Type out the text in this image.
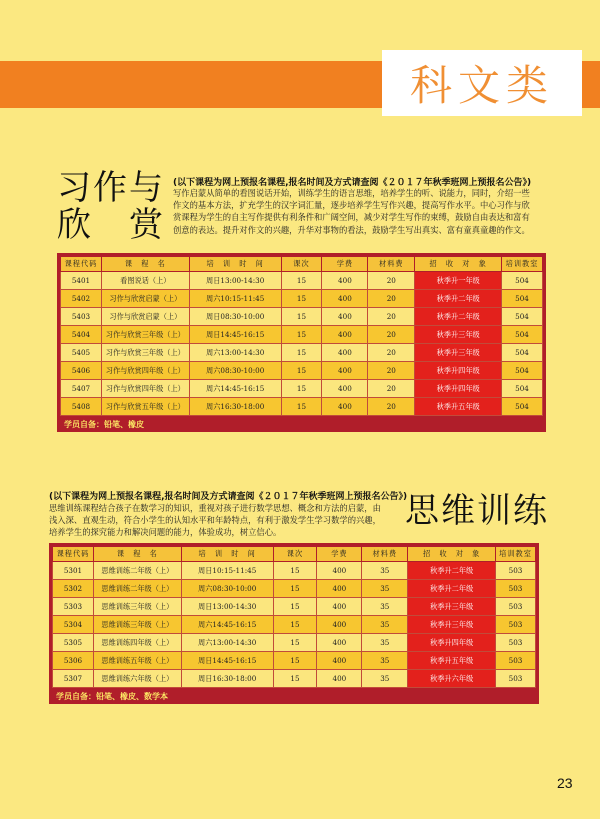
科文类
习作与
欣　赏
(以下课程为网上预报名课程,报名时间及方式请查阅《２０１７年秋季班网上预报名公告》)
写作启蒙从简单的看图说话开始，训练学生的语言思维，培养学生的听、说能力，同时，介绍一些
作文的基本方法，扩充学生的汉字词汇量，逐步培养学生写作兴趣，提高写作水平。中心习作与欣
赏课程为学生的自主写作提供有利条件和广阔空间，减少对学生写作的束缚，鼓励自由表达和富有
创意的表达。提升对作文的兴趣，升华对事物的看法，鼓励学生写出真实、富有童真童趣的作文。
课程代码	课　程　名	培　训　时　间	课次	学费	材料费	招　收　对　象	培训教室
5401	看图说话（上）	周日13:00-14:30	15	400	20	秋季升一年级	504
5402	习作与欣赏启蒙（上）	周六10:15-11:45	15	400	20	秋季升二年级	504
5403	习作与欣赏启蒙（上）	周日08:30-10:00	15	400	20	秋季升二年级	504
5404	习作与欣赏三年级（上）	周日14:45-16:15	15	400	20	秋季升三年级	504
5405	习作与欣赏三年级（上）	周六13:00-14:30	15	400	20	秋季升三年级	504
5406	习作与欣赏四年级（上）	周六08:30-10:00	15	400	20	秋季升四年级	504
5407	习作与欣赏四年级（上）	周六14:45-16:15	15	400	20	秋季升四年级	504
5408	习作与欣赏五年级（上）	周六16:30-18:00	15	400	20	秋季升五年级	504
学员自备：铅笔、橡皮
(以下课程为网上预报名课程,报名时间及方式请查阅《２０１７年秋季班网上预报名公告》)
思维训练课程结合孩子在数学习的知识，重视对孩子进行数学思想、概念和方法的启蒙，由
浅入深、直观生动，符合小学生的认知水平和年龄特点，有利于激发学生学习数学的兴趣，
培养学生的探究能力和解决问题的能力，体验成功，树立信心。
思维训练
课程代码	课　程　名	培　训　时　间	课次	学费	材料费	招　收　对　象	培训教室
5301	思维训练二年级（上）	周日10:15-11:45	15	400	35	秋季升二年级	503
5302	思维训练二年级（上）	周六08:30-10:00	15	400	35	秋季升二年级	503
5303	思维训练三年级（上）	周日13:00-14:30	15	400	35	秋季升三年级	503
5304	思维训练三年级（上）	周六14:45-16:15	15	400	35	秋季升三年级	503
5305	思维训练四年级（上）	周六13:00-14:30	15	400	35	秋季升四年级	503
5306	思维训练五年级（上）	周日14:45-16:15	15	400	35	秋季升五年级	503
5307	思维训练六年级（上）	周日16:30-18:00	15	400	35	秋季升六年级	503
学员自备：铅笔、橡皮、数学本
23
